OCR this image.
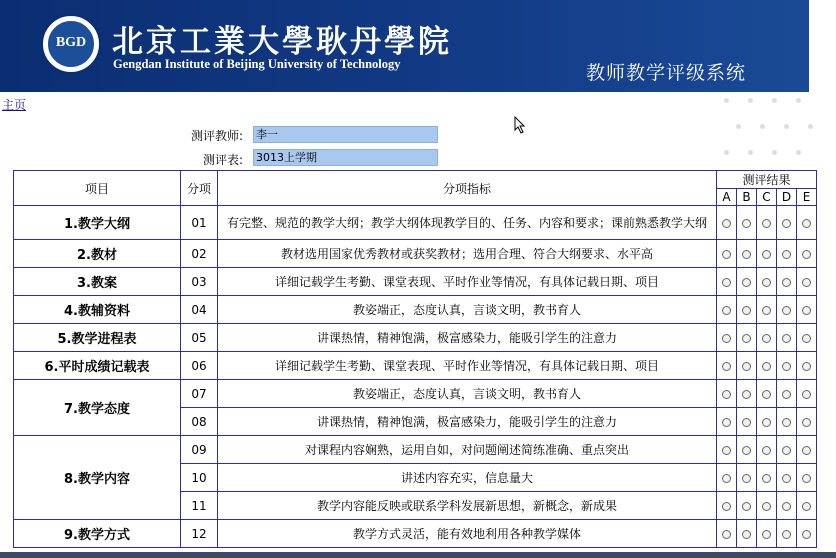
BGD 北京工業大學耿丹學院
Gengdan Institute of Beijing University of Technology	教师教学评级系统
主页
测评教师: 李一
测评表: 3013上学期
项目	分项	分项指标	测评结果				
			A	B	C	D	E
1.教学大纲	01	有完整、规范的教学大纲；教学大纲体现教学目的、任务、内容和要求；课前熟悉教学大纲					
2.教材	02	教材选用国家优秀教材或获奖教材；选用合理、符合大纲要求、水平高					
3.教案	03	详细记载学生考勤、课堂表现、平时作业等情况，有具体记载日期、项目					
4.教辅资料	04	教姿端正，态度认真，言谈文明，教书育人					
5.教学进程表	05	讲课热情，精神饱满，极富感染力，能吸引学生的注意力					
6.平时成绩记载表	06	详细记载学生考勤、课堂表现、平时作业等情况，有具体记载日期、项目					
7.教学态度	07	教姿端正，态度认真，言谈文明，教书育人					
	08	讲课热情，精神饱满，极富感染力，能吸引学生的注意力					
8.教学内容	09	对课程内容娴熟，运用自如，对问题阐述简练准确、重点突出					
	10	讲述内容充实，信息量大					
	11	教学内容能反映或联系学科发展新思想，新概念，新成果					
9.教学方式	12	教学方式灵活，能有效地利用各种教学媒体					
